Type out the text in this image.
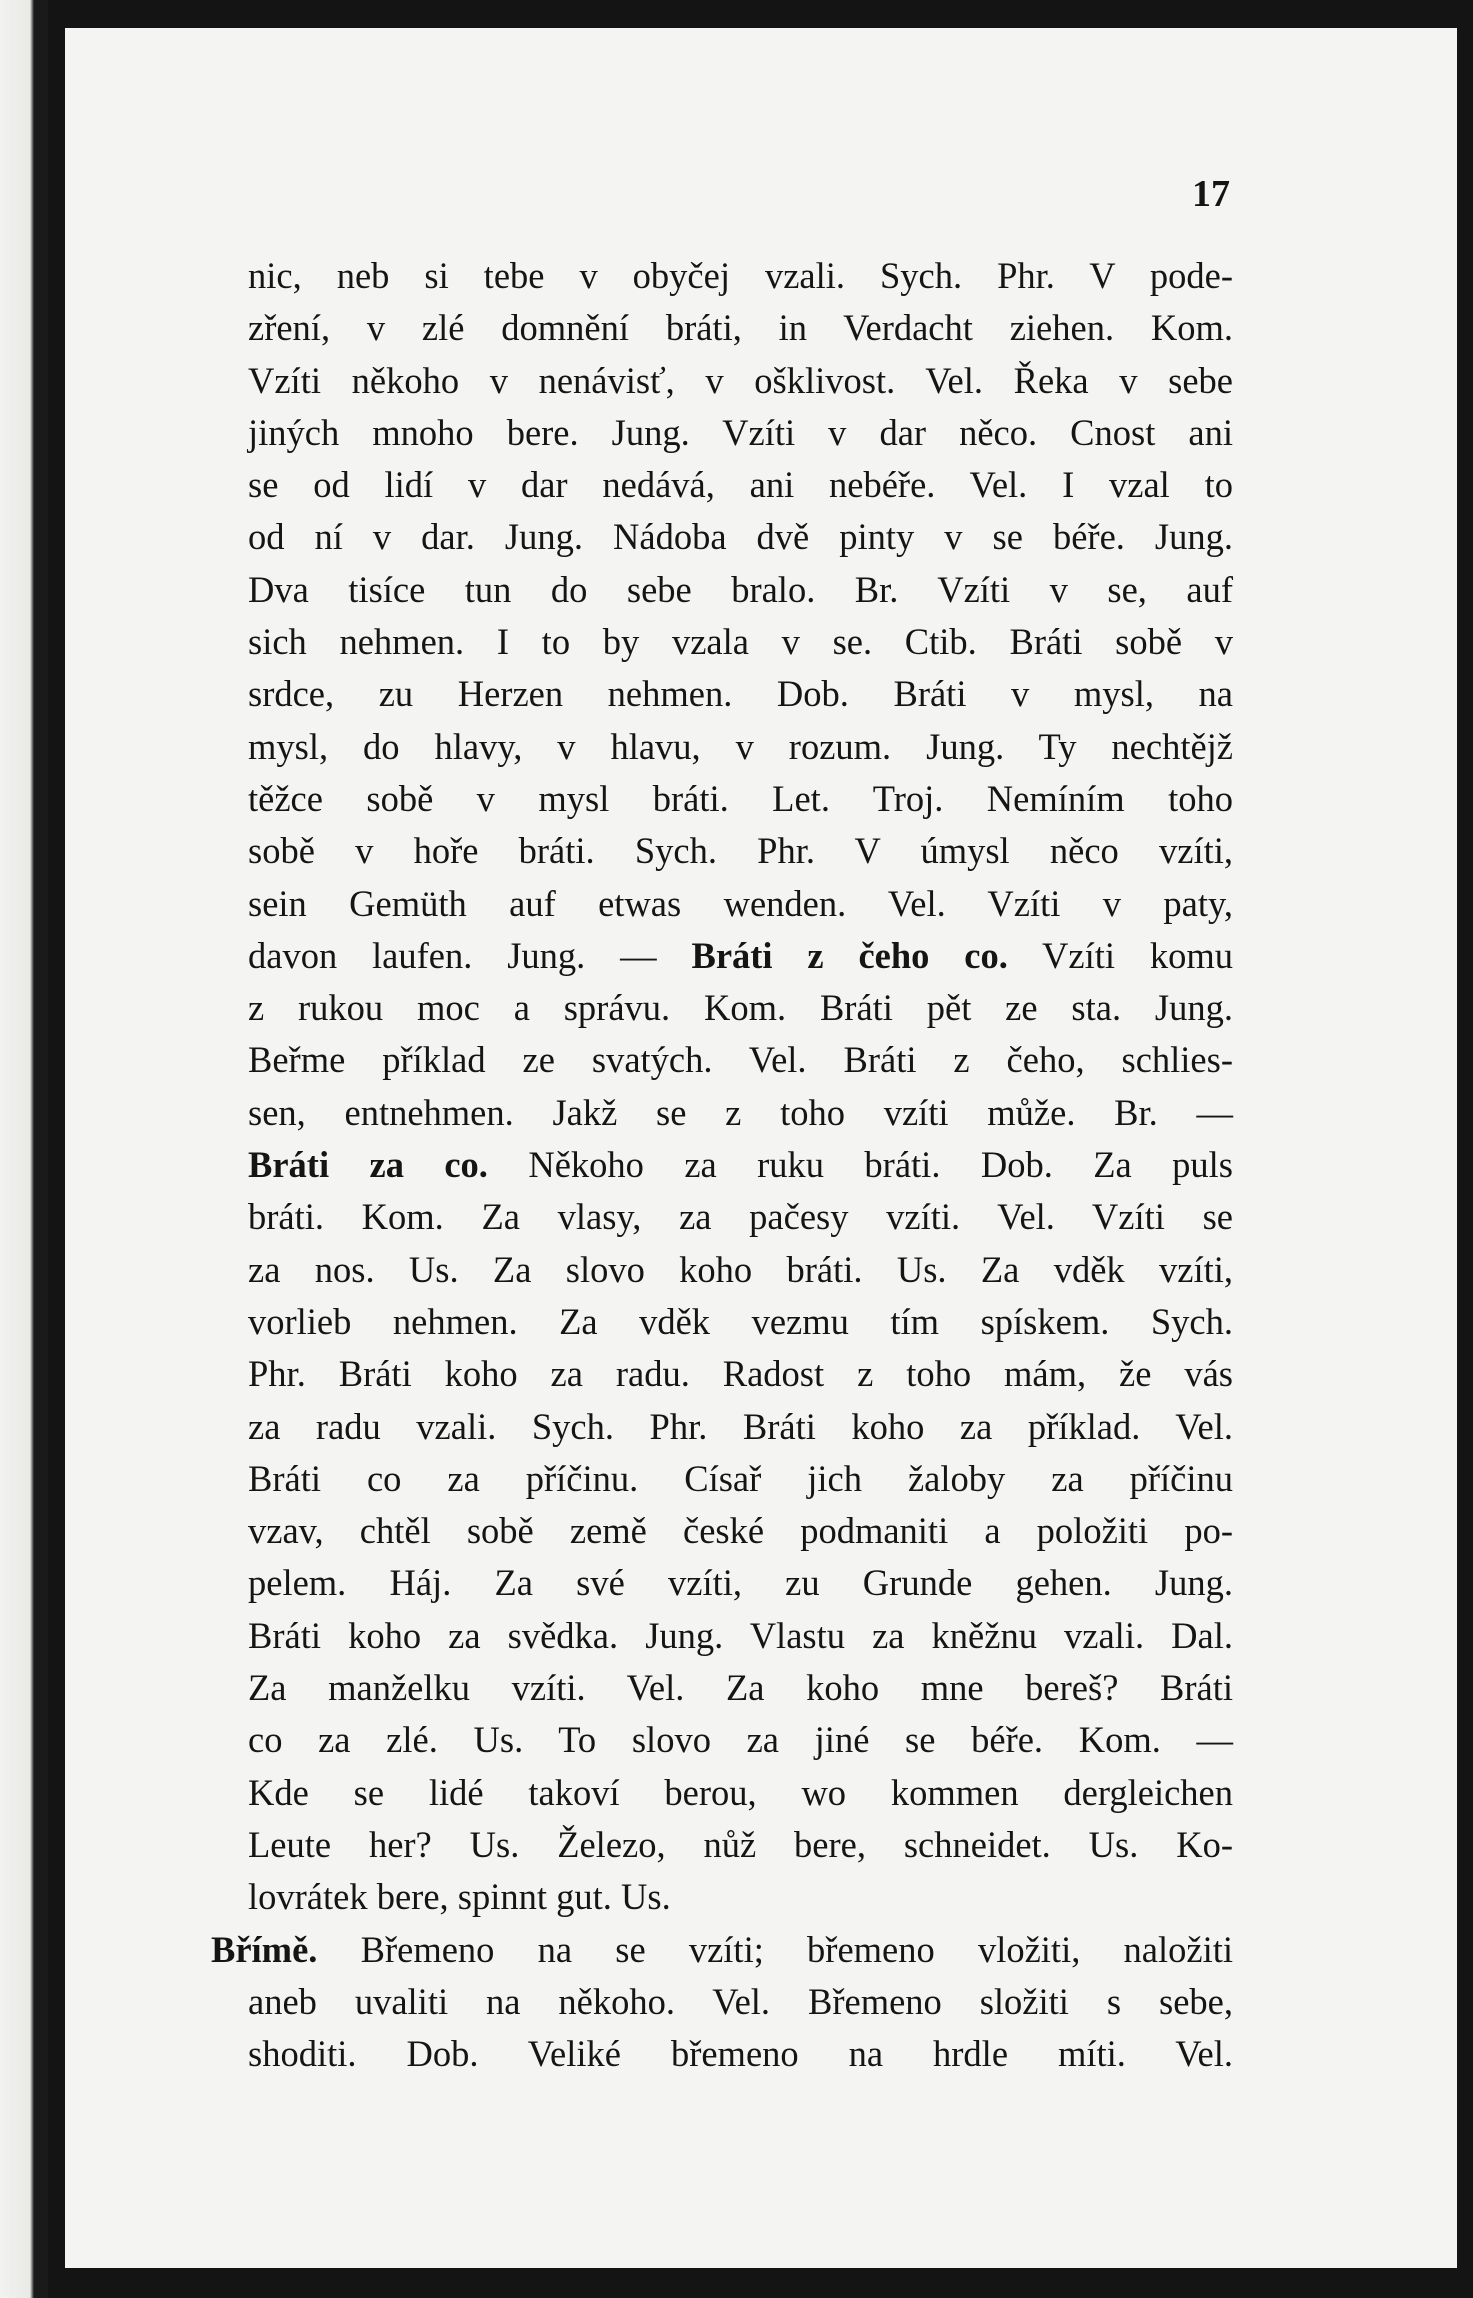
17
nic, neb si tebe v obyčej vzali. Sych. Phr. V pode-
zření, v zlé domnění bráti, in Verdacht ziehen. Kom.
Vzíti někoho v nenávisť, v ošklivost. Vel. Řeka v sebe
jiných mnoho bere. Jung. Vzíti v dar něco. Cnost ani
se od lidí v dar nedává, ani nebéře. Vel. I vzal to
od ní v dar. Jung. Nádoba dvě pinty v se béře. Jung.
Dva tisíce tun do sebe bralo. Br. Vzíti v se, auf
sich nehmen. I to by vzala v se. Ctib. Bráti sobě v
srdce, zu Herzen nehmen. Dob. Bráti v mysl, na
mysl, do hlavy, v hlavu, v rozum. Jung. Ty nechtějž
těžce sobě v mysl bráti. Let. Troj. Nemíním toho
sobě v hoře bráti. Sych. Phr. V úmysl něco vzíti,
sein Gemüth auf etwas wenden. Vel. Vzíti v paty,
davon laufen. Jung. — Bráti z čeho co. Vzíti komu
z rukou moc a správu. Kom. Bráti pět ze sta. Jung.
Beřme příklad ze svatých. Vel. Bráti z čeho, schlies-
sen, entnehmen. Jakž se z toho vzíti může. Br. —
Bráti za co. Někoho za ruku bráti. Dob. Za puls
bráti. Kom. Za vlasy, za pačesy vzíti. Vel. Vzíti se
za nos. Us. Za slovo koho bráti. Us. Za vděk vzíti,
vorlieb nehmen. Za vděk vezmu tím spískem. Sych.
Phr. Bráti koho za radu. Radost z toho mám, že vás
za radu vzali. Sych. Phr. Bráti koho za příklad. Vel.
Bráti co za příčinu. Císař jich žaloby za příčinu
vzav, chtěl sobě země české podmaniti a položiti po-
pelem. Háj. Za své vzíti, zu Grunde gehen. Jung.
Bráti koho za svědka. Jung. Vlastu za kněžnu vzali. Dal.
Za manželku vzíti. Vel. Za koho mne bereš? Bráti
co za zlé. Us. To slovo za jiné se béře. Kom. —
Kde se lidé takoví berou, wo kommen dergleichen
Leute her? Us. Železo, nůž bere, schneidet. Us. Ko-
lovrátek bere, spinnt gut. Us.
Břímě. Břemeno na se vzíti; břemeno vložiti, naložiti
aneb uvaliti na někoho. Vel. Břemeno složiti s sebe,
shoditi. Dob. Veliké břemeno na hrdle míti. Vel.
